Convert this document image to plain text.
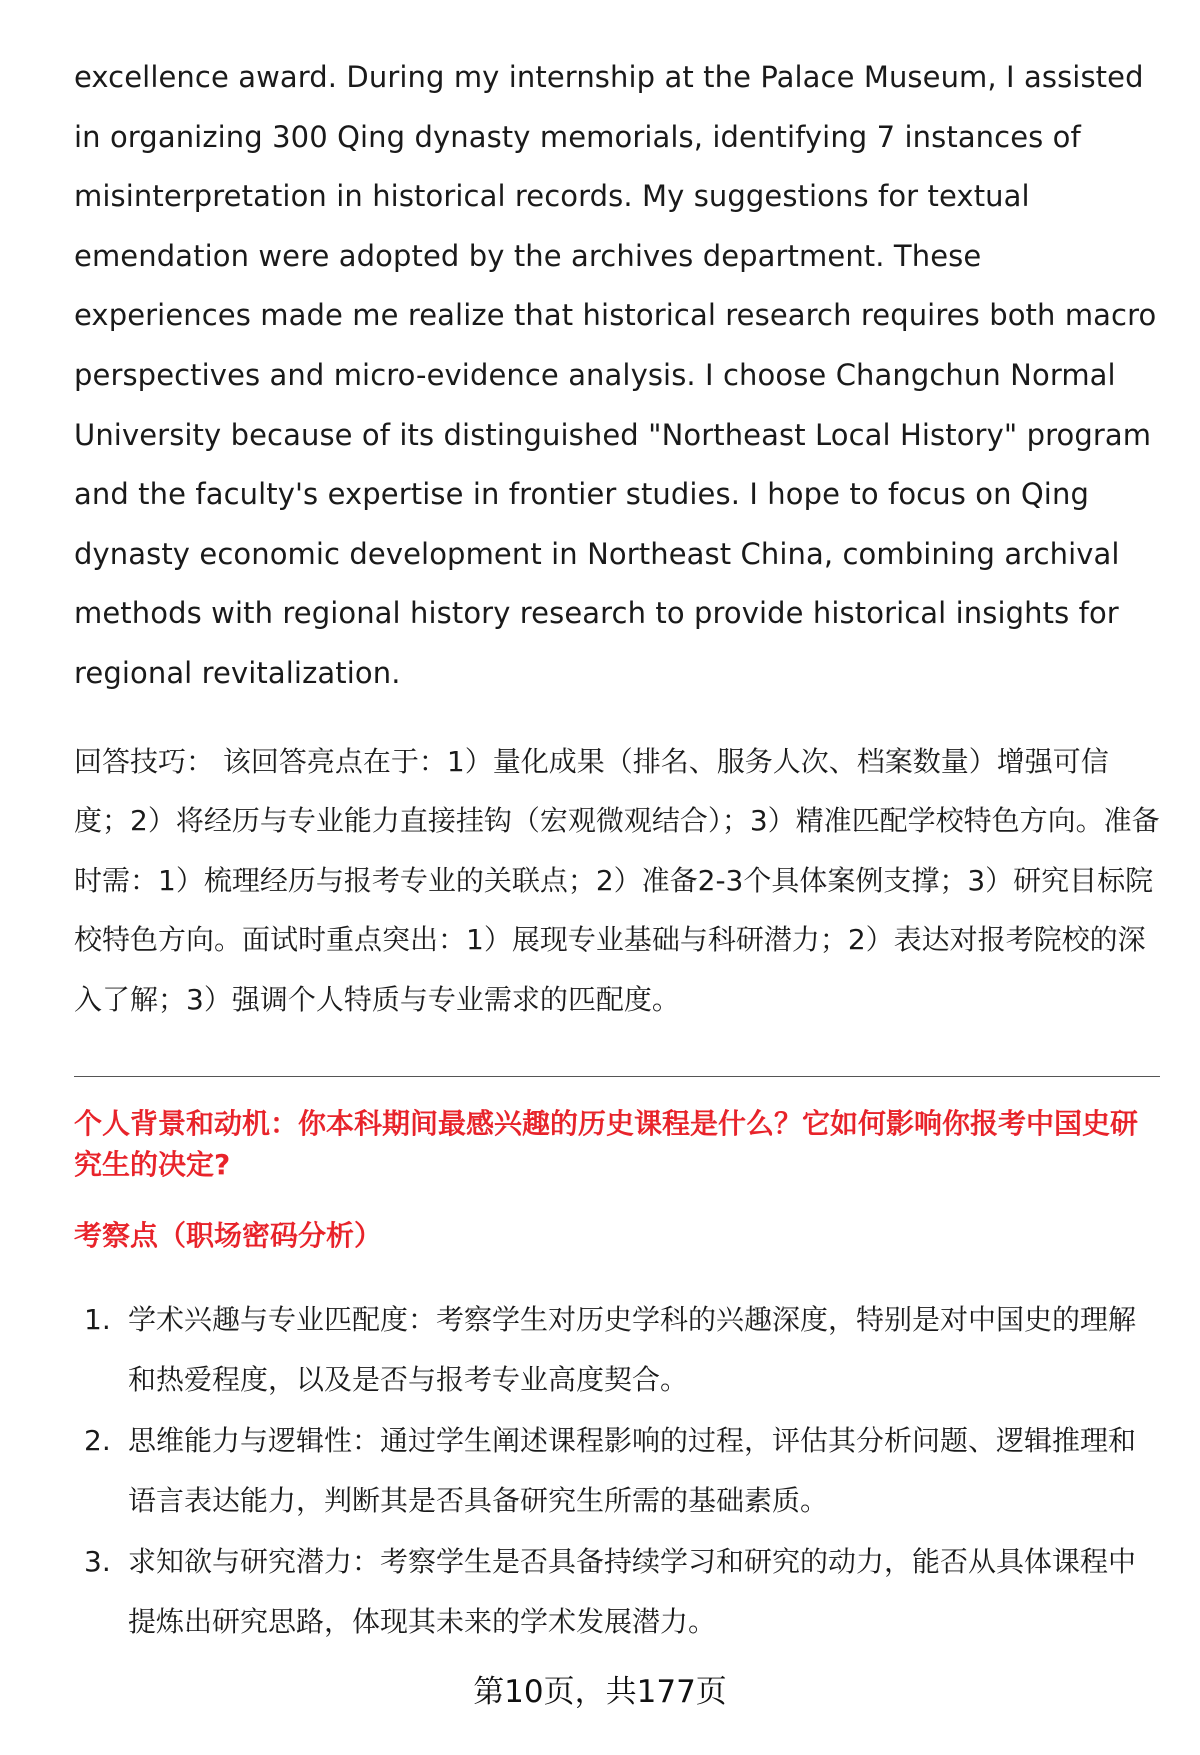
excellence award. During my internship at the Palace Museum, I assisted in organizing 300 Qing dynasty memorials, identifying 7 instances of misinterpretation in historical records. My suggestions for textual emendation were adopted by the archives department. These experiences made me realize that historical research requires both macro perspectives and micro-evidence analysis. I choose Changchun Normal University because of its distinguished "Northeast Local History" program and the faculty's expertise in frontier studies. I hope to focus on Qing dynasty economic development in Northeast China, combining archival methods with regional history research to provide historical insights for regional revitalization.

回答技巧： 该回答亮点在于：1）量化成果（排名、服务人次、档案数量）增强可信度；2）将经历与专业能力直接挂钩（宏观微观结合）；3）精准匹配学校特色方向。准备时需：1）梳理经历与报考专业的关联点；2）准备2-3个具体案例支撑；3）研究目标院校特色方向。面试时重点突出：1）展现专业基础与科研潜力；2）表达对报考院校的深入了解；3）强调个人特质与专业需求的匹配度。

个人背景和动机：你本科期间最感兴趣的历史课程是什么？它如何影响你报考中国史研究生的决定?
考察点（职场密码分析）
1. 学术兴趣与专业匹配度：考察学生对历史学科的兴趣深度，特别是对中国史的理解和热爱程度，以及是否与报考专业高度契合。
2. 思维能力与逻辑性：通过学生阐述课程影响的过程，评估其分析问题、逻辑推理和语言表达能力，判断其是否具备研究生所需的基础素质。
3. 求知欲与研究潜力：考察学生是否具备持续学习和研究的动力，能否从具体课程中提炼出研究思路，体现其未来的学术发展潜力。
第10页，共177页
